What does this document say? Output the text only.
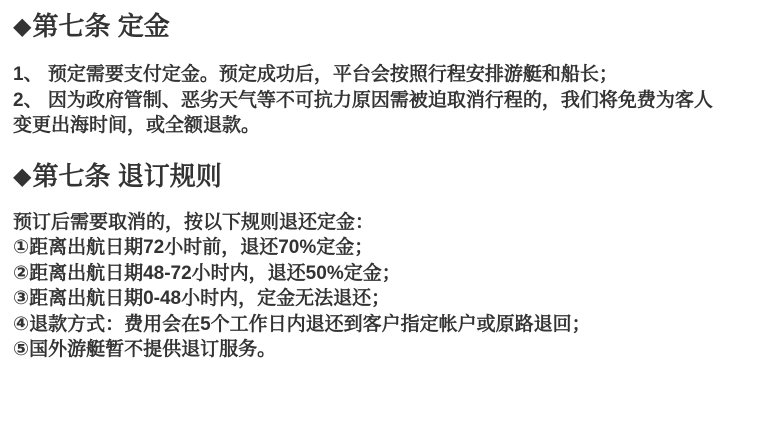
◆ 第七条 定金
1、 预定需要支付定金。预定成功后，平台会按照行程安排游艇和船长；
2、 因为政府管制、恶劣天气等不可抗力原因需被迫取消行程的，我们将免费为客人
变更出海时间，或全额退款。
◆ 第七条 退订规则
预订后需要取消的，按以下规则退还定金：
①距离出航日期72小时前，退还70%定金；
②距离出航日期48-72小时内，退还50%定金；
③距离出航日期0-48小时内，定金无法退还；
④退款方式：费用会在5个工作日内退还到客户指定帐户或原路退回；
⑤国外游艇暂不提供退订服务。
